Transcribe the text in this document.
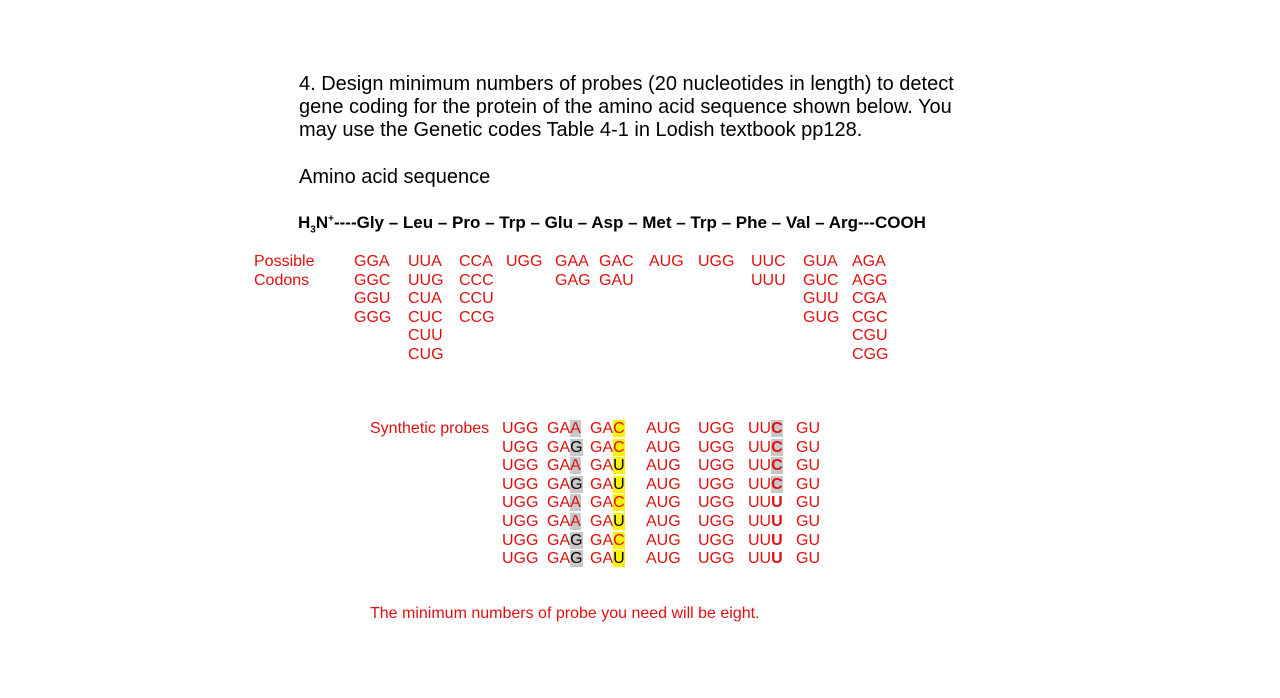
4. Design minimum numbers of probes (20 nucleotides in length) to detect
gene coding for the protein of the amino acid sequence shown below. You
may use the Genetic codes Table 4-1 in Lodish textbook pp128.
Amino acid sequence
$H_3N^+---$-Gly – Leu – Pro – Trp – Glu – Asp – Met – Trp – Phe – Val – Arg---COOH
Possible
Codons
GGA
GGC
GGU
GGG
UUA
UUG
CUA
CUC
CUU
CUG
CCA
CCC
CCU
CCG
UGG GAA
GAG
GAC
GAU
AUG UGG UUC
UUU
GUA
GUC
GUU
GUG
AGA
AGG
CGA
CGC
CGU
CGG
Synthetic probes UGG GAA GAC AUG UGG UUC GU
UGG GAG GAC AUG UGG UUC GU
UGG GAA GAU AUG UGG UUC GU
UGG GAG GAU AUG UGG UUC GU
UGG GAA GAC AUG UGG UUU GU
UGG GAA GAU AUG UGG UUU GU
UGG GAG GAC AUG UGG UUU GU
UGG GAG GAU AUG UGG UUU GU
The minimum numbers of probe you need will be eight.
